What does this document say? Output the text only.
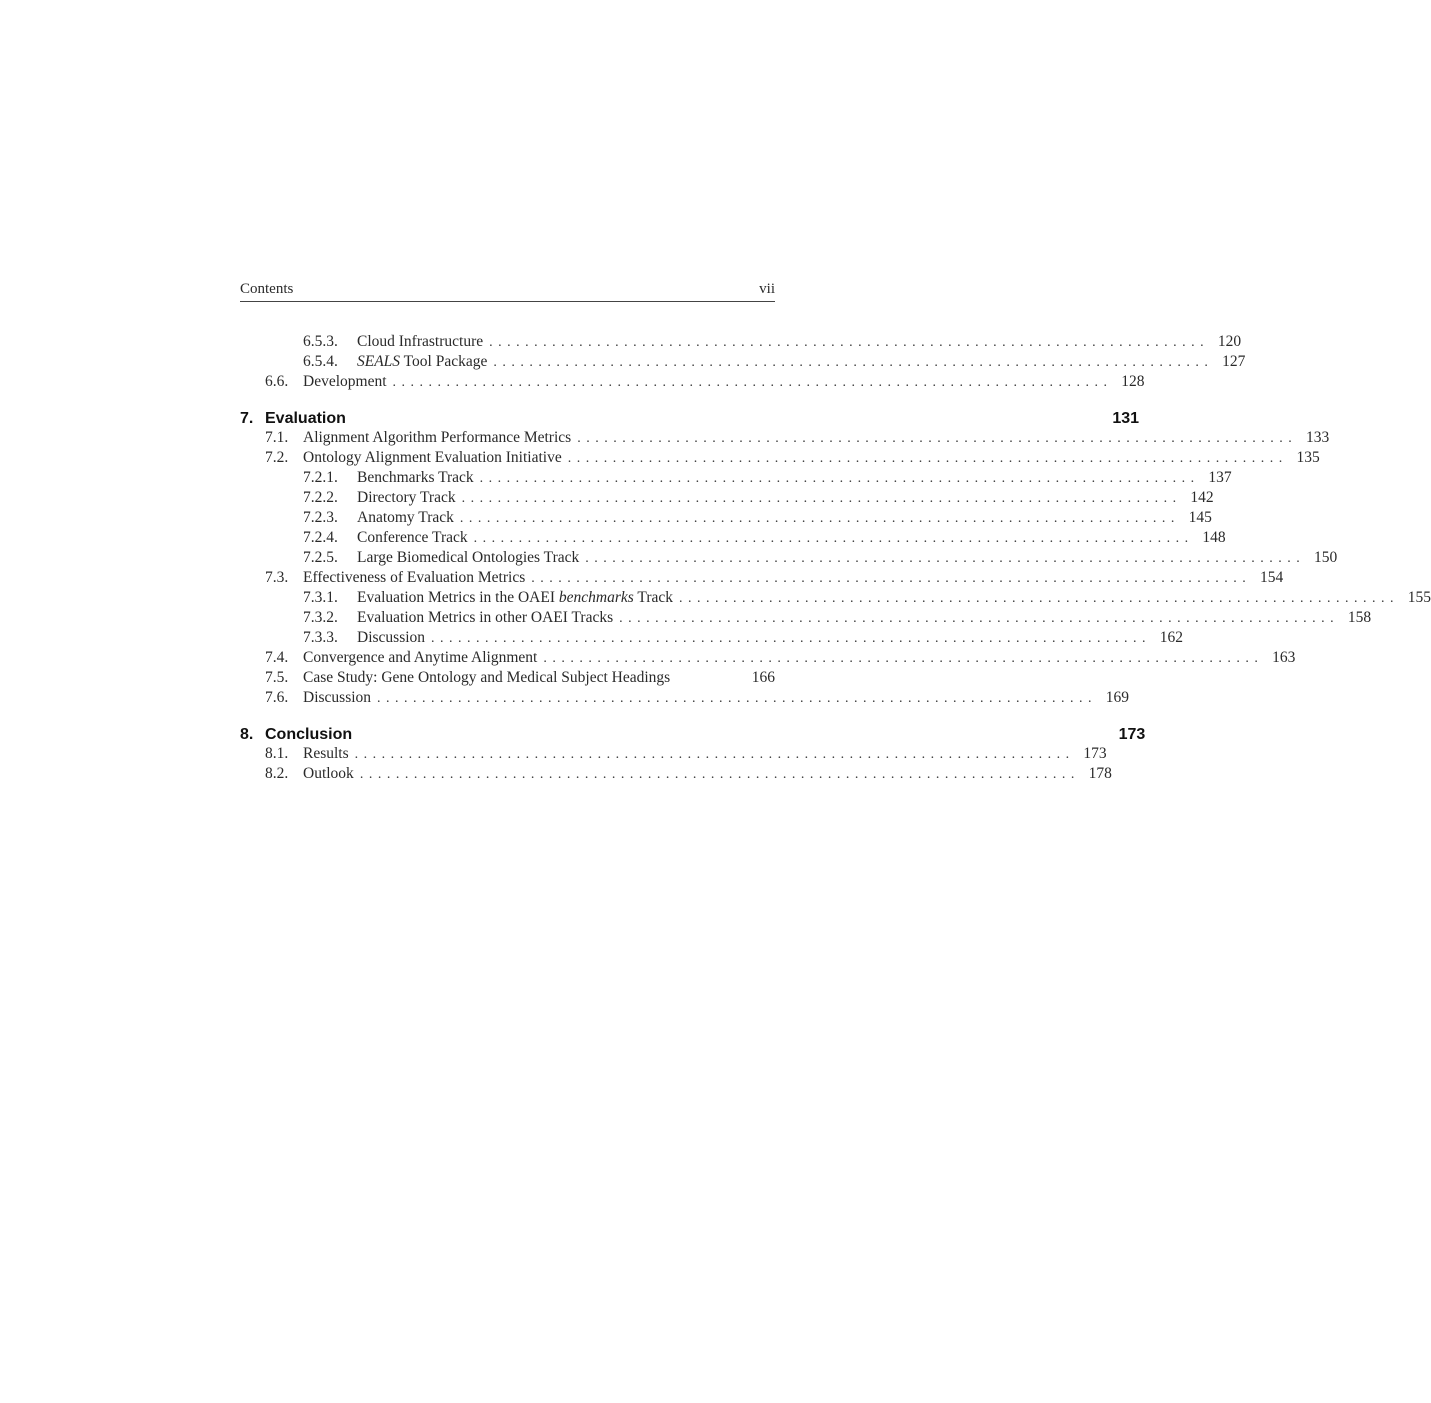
Contents	vii
6.5.3.	Cloud Infrastructure ................................................................................ 120
6.5.4.	SEALS Tool Package ................................................................................ 127
6.6. Development ................................................................................ 128
7. Evaluation	131
7.1. Alignment Algorithm Performance Metrics ................................................................................ 133
7.2. Ontology Alignment Evaluation Initiative ................................................................................ 135
7.2.1.	Benchmarks Track ................................................................................ 137
7.2.2.	Directory Track ................................................................................ 142
7.2.3.	Anatomy Track ................................................................................ 145
7.2.4.	Conference Track ................................................................................ 148
7.2.5.	Large Biomedical Ontologies Track ................................................................................ 150
7.3. Effectiveness of Evaluation Metrics ................................................................................ 154
7.3.1.	Evaluation Metrics in the OAEI benchmarks Track ................................................................................ 155
7.3.2.	Evaluation Metrics in other OAEI Tracks ................................................................................ 158
7.3.3.	Discussion ................................................................................ 162
7.4. Convergence and Anytime Alignment ................................................................................ 163
7.5. Case Study: Gene Ontology and Medical Subject Headings	166
7.6. Discussion ................................................................................ 169
8. Conclusion	173
8.1. Results ................................................................................ 173
8.2. Outlook ................................................................................ 178
